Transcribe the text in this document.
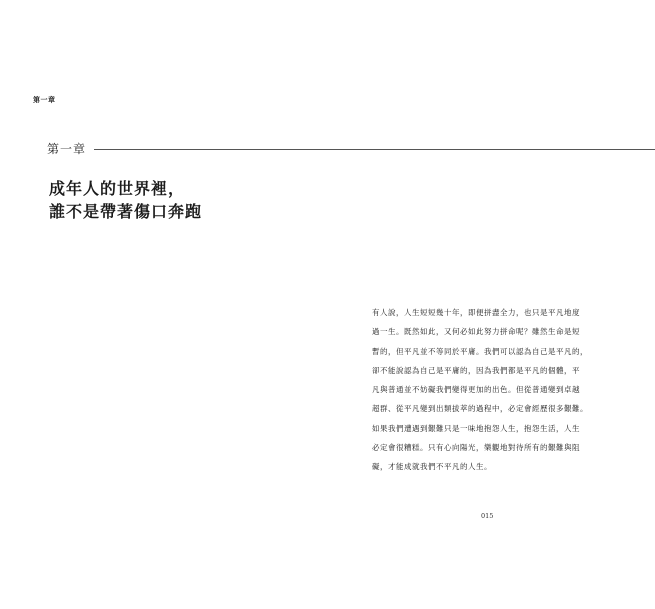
第一章
第一章
成年人的世界裡，
誰不是帶著傷口奔跑
有人說，人生短短幾十年，即便拼盡全力，也只是平凡地度
過一生。既然如此，又何必如此努力拼命呢？雖然生命是短
暫的，但平凡並不等同於平庸。我們可以認為自己是平凡的，
卻不能說認為自己是平庸的，因為我們都是平凡的個體，平
凡與普通並不妨礙我們變得更加的出色。但從普通變到卓越
超群、從平凡變到出類拔萃的過程中，必定會經歷很多艱難。
如果我們遭遇到艱難只是一味地抱怨人生，抱怨生活，人生
必定會很糟糕。只有心向陽光，樂觀地對待所有的艱難與阻
礙，才能成就我們不平凡的人生。
015
